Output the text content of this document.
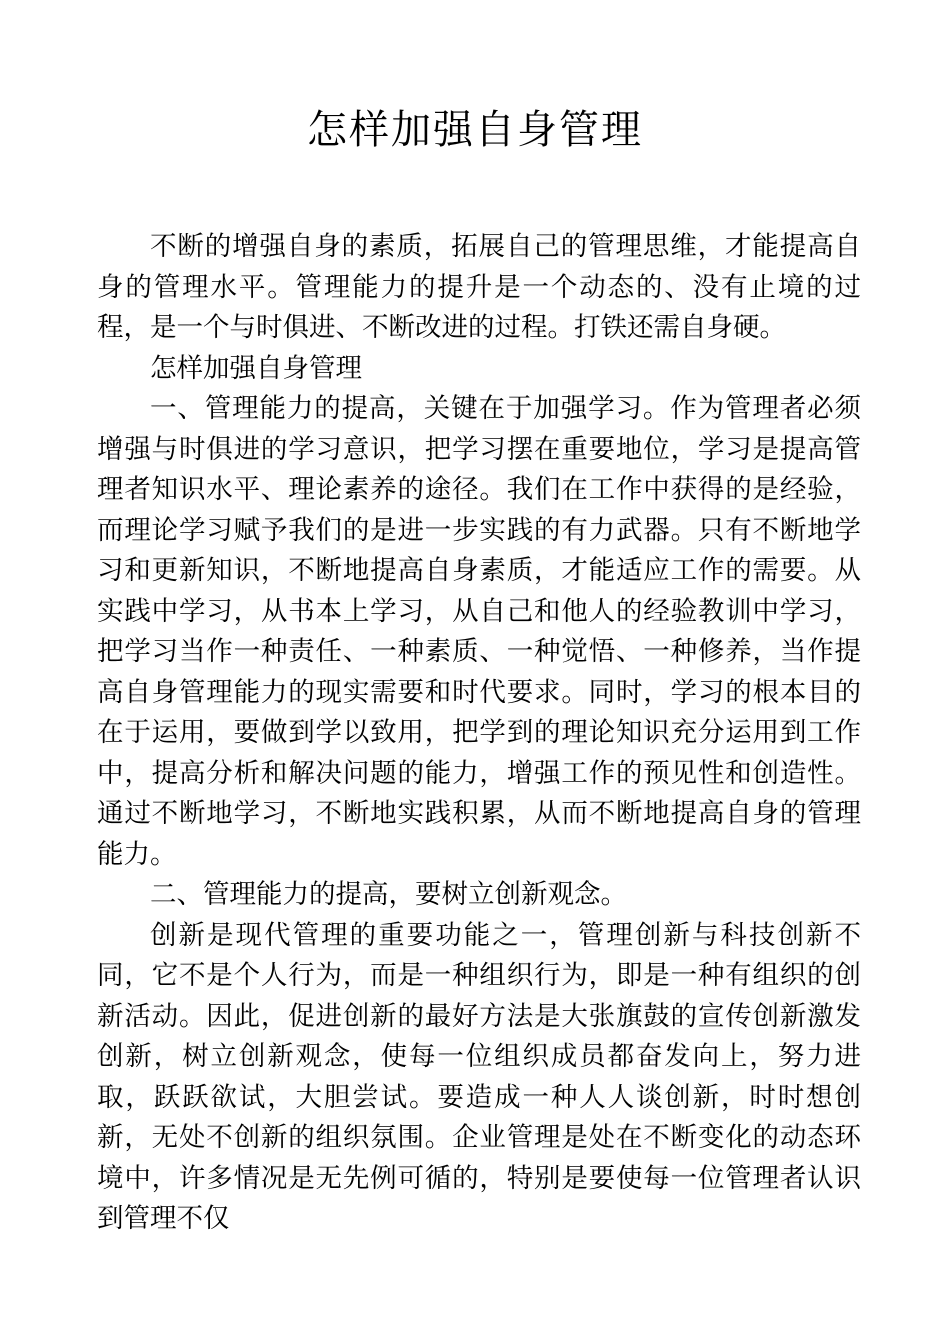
怎样加强自身管理

不断的增强自身的素质，拓展自己的管理思维，才能提高自身的管理水平。管理能力的提升是一个动态的、没有止境的过程，是一个与时俱进、不断改进的过程。打铁还需自身硬。

怎样加强自身管理

一、管理能力的提高，关键在于加强学习。作为管理者必须增强与时俱进的学习意识，把学习摆在重要地位，学习是提高管理者知识水平、理论素养的途径。我们在工作中获得的是经验，而理论学习赋予我们的是进一步实践的有力武器。只有不断地学习和更新知识，不断地提高自身素质，才能适应工作的需要。从实践中学习，从书本上学习，从自己和他人的经验教训中学习，把学习当作一种责任、一种素质、一种觉悟、一种修养，当作提高自身管理能力的现实需要和时代要求。同时，学习的根本目的在于运用，要做到学以致用，把学到的理论知识充分运用到工作中，提高分析和解决问题的能力，增强工作的预见性和创造性。通过不断地学习，不断地实践积累，从而不断地提高自身的管理能力。

二、管理能力的提高，要树立创新观念。

创新是现代管理的重要功能之一，管理创新与科技创新不同，它不是个人行为，而是一种组织行为，即是一种有组织的创新活动。因此，促进创新的最好方法是大张旗鼓的宣传创新激发创新，树立创新观念，使每一位组织成员都奋发向上，努力进取，跃跃欲试，大胆尝试。要造成一种人人谈创新，时时想创新，无处不创新的组织氛围。企业管理是处在不断变化的动态环境中，许多情况是无先例可循的，特别是要使每一位管理者认识到管理不仅
